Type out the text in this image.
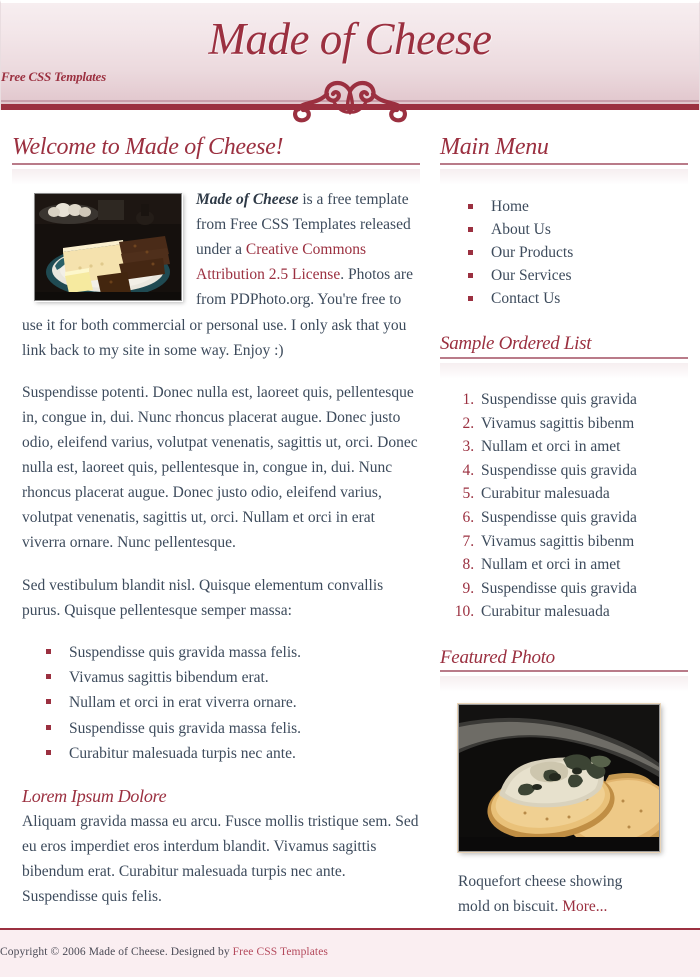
Made of Cheese

Free CSS Templates

Welcome to Made of Cheese!

Made of Cheese is a free template from Free CSS Templates released under a Creative Commons Attribution 2.5 License. Photos are from PDPhoto.org. You're free to use it for both commercial or personal use. I only ask that you link back to my site in some way. Enjoy :)

Suspendisse potenti. Donec nulla est, laoreet quis, pellentesque in, congue in, dui. Nunc rhoncus placerat augue. Donec justo odio, eleifend varius, volutpat venenatis, sagittis ut, orci. Donec nulla est, laoreet quis, pellentesque in, congue in, dui. Nunc rhoncus placerat augue. Donec justo odio, eleifend varius, volutpat venenatis, sagittis ut, orci. Nullam et orci in erat viverra ornare. Nunc pellentesque.

Sed vestibulum blandit nisl. Quisque elementum convallis purus. Quisque pellentesque semper massa:

Suspendisse quis gravida massa felis.
Vivamus sagittis bibendum erat.
Nullam et orci in erat viverra ornare.
Suspendisse quis gravida massa felis.
Curabitur malesuada turpis nec ante.
Lorem Ipsum Dolore

Aliquam gravida massa eu arcu. Fusce mollis tristique sem. Sed eu eros imperdiet eros interdum blandit. Vivamus sagittis bibendum erat. Curabitur malesuada turpis nec ante. Suspendisse quis felis.

Main Menu
Home
About Us
Our Products
Our Services
Contact Us
Sample Ordered List
1. Suspendisse quis gravida
2. Vivamus sagittis bibenm
3. Nullam et orci in amet
4. Suspendisse quis gravida
5. Curabitur malesuada
6. Suspendisse quis gravida
7. Vivamus sagittis bibenm
8. Nullam et orci in amet
9. Suspendisse quis gravida
10. Curabitur malesuada
Featured Photo

Roquefort cheese showing mold on biscuit. More...

Copyright © 2006 Made of Cheese. Designed by Free CSS Templates
